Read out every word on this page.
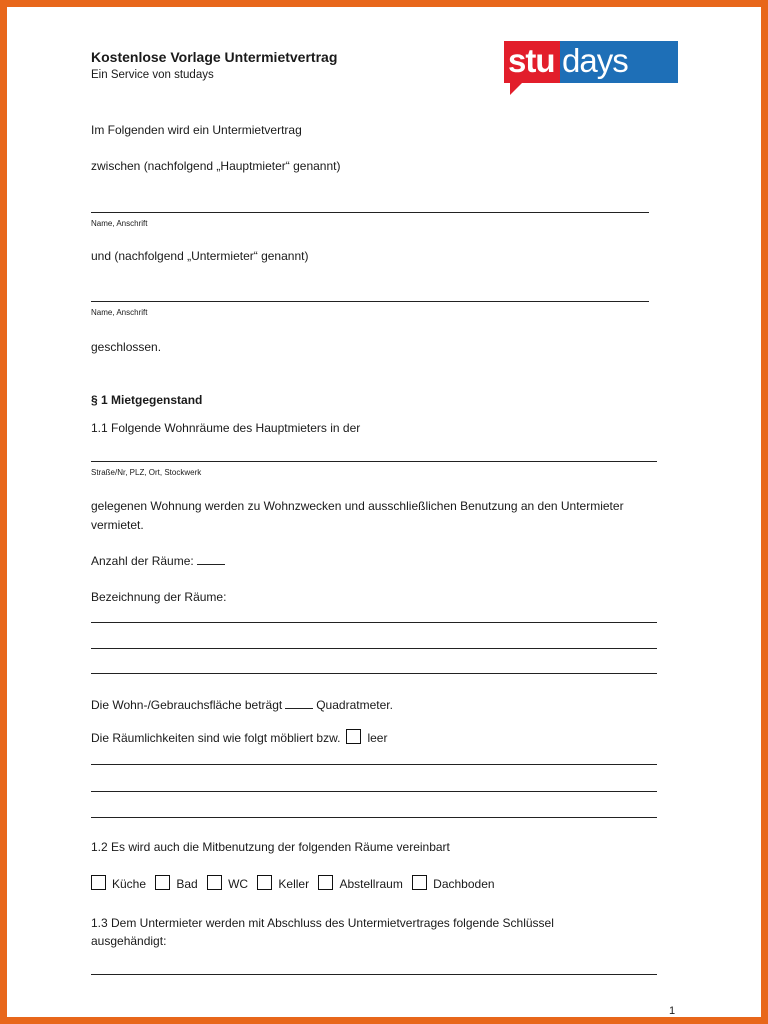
Kostenlose Vorlage Untermietvertrag
Ein Service von studays	stu days
Im Folgenden wird ein Untermietvertrag
zwischen (nachfolgend „Hauptmieter“ genannt)
Name, Anschrift
und (nachfolgend „Untermieter“ genannt)
Name, Anschrift
geschlossen.
§ 1 Mietgegenstand
1.1 Folgende Wohnräume des Hauptmieters in der
Straße/Nr, PLZ, Ort, Stockwerk
gelegenen Wohnung werden zu Wohnzwecken und ausschließlichen Benutzung an den Untermieter
vermietet.
Anzahl der Räume:
Bezeichnung der Räume:
Die Wohn-/Gebrauchsfläche beträgt	Quadratmeter.
Die Räumlichkeiten sind wie folgt möbliert bzw. leer
1.2 Es wird auch die Mitbenutzung der folgenden Räume vereinbart
Küche	Bad	WC	Keller	Abstellraum	Dachboden
1.3 Dem Untermieter werden mit Abschluss des Untermietvertrages folgende Schlüssel
ausgehändigt:
1
